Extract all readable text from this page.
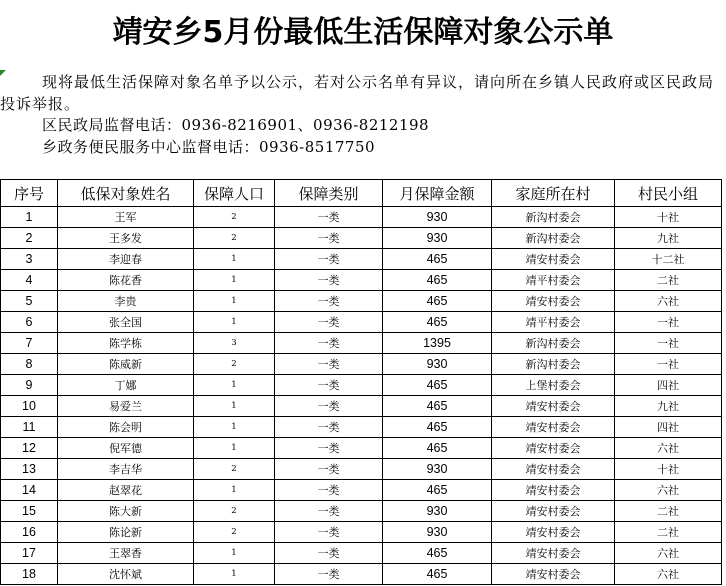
靖安乡5月份最低生活保障对象公示单

现将最低生活保障对象名单予以公示，若对公示名单有异议，请向所在乡镇人民政府或区民政局投诉举报。

区民政局监督电话：0936-8216901、0936-8212198

乡政务便民服务中心监督电话：0936-8517750

序号	低保对象姓名	保障人口	保障类别	月保障金额	家庭所在村	村民小组
1	王军	2	一类	930	新沟村委会	十社
2	王多发	2	一类	930	新沟村委会	九社
3	李迎春	1	一类	465	靖安村委会	十二社
4	陈花香	1	一类	465	靖平村委会	二社
5	李贵	1	一类	465	靖安村委会	六社
6	张全国	1	一类	465	靖平村委会	一社
7	陈学栋	3	一类	1395	新沟村委会	一社
8	陈威新	2	一类	930	新沟村委会	一社
9	丁娜	1	一类	465	上堡村委会	四社
10	易爱兰	1	一类	465	靖安村委会	九社
11	陈会明	1	一类	465	靖安村委会	四社
12	倪军德	1	一类	465	靖安村委会	六社
13	李吉华	2	一类	930	靖安村委会	十社
14	赵翠花	1	一类	465	靖安村委会	六社
15	陈大新	2	一类	930	靖安村委会	二社
16	陈论新	2	一类	930	靖安村委会	二社
17	王翠香	1	一类	465	靖安村委会	六社
18	沈怀斌	1	一类	465	靖安村委会	六社
